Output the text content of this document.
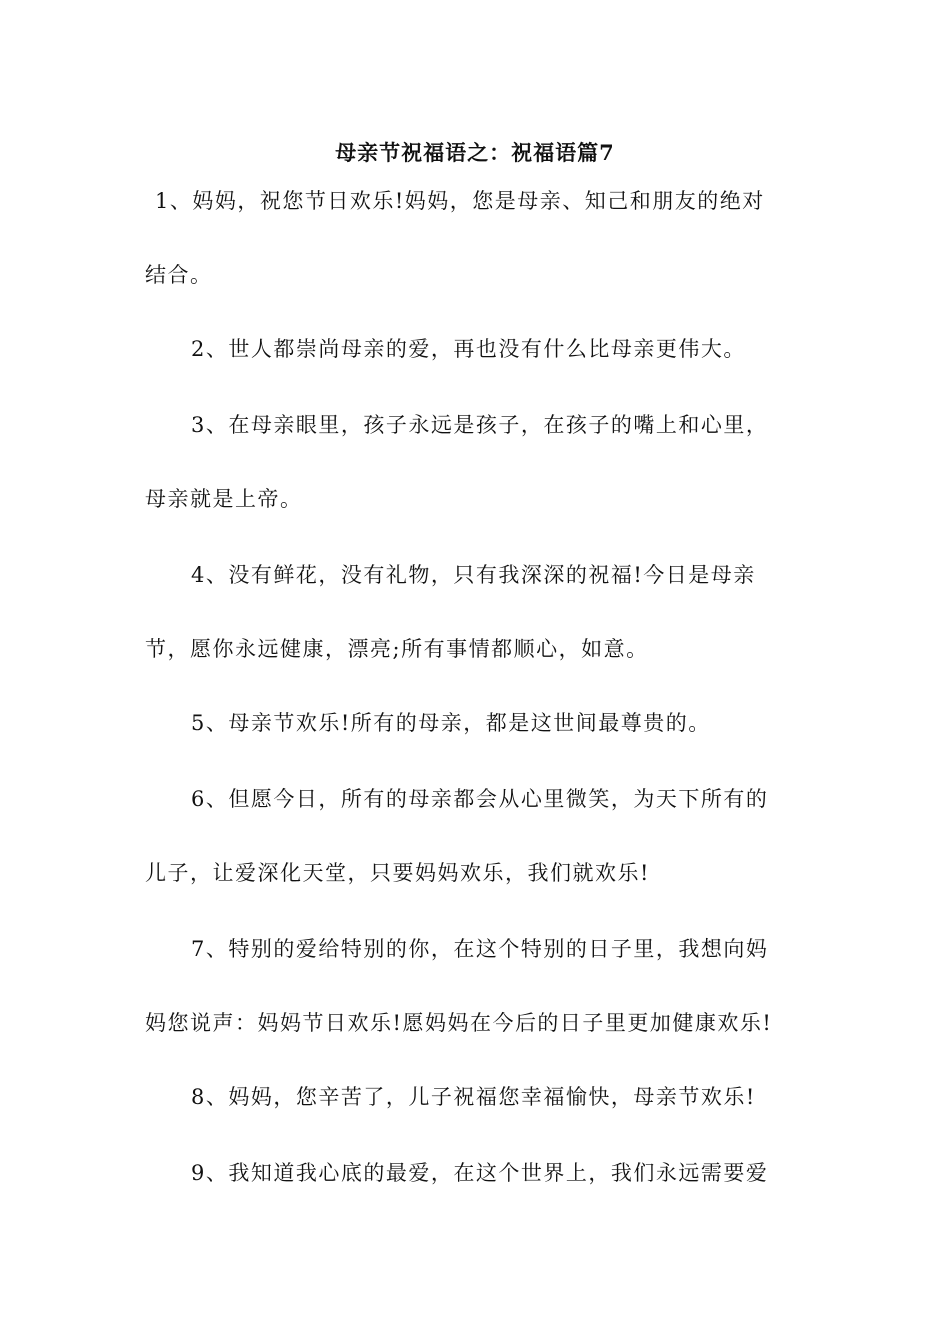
母亲节祝福语之：祝福语篇7
1、妈妈，祝您节日欢乐!妈妈，您是母亲、知己和朋友的绝对
结合。
2、世人都崇尚母亲的爱，再也没有什么比母亲更伟大。
3、在母亲眼里，孩子永远是孩子，在孩子的嘴上和心里，
母亲就是上帝。
4、没有鲜花，没有礼物，只有我深深的祝福!今日是母亲
节，愿你永远健康，漂亮;所有事情都顺心，如意。
5、母亲节欢乐!所有的母亲，都是这世间最尊贵的。
6、但愿今日，所有的母亲都会从心里微笑，为天下所有的
儿子，让爱深化天堂，只要妈妈欢乐，我们就欢乐!
7、特别的爱给特别的你，在这个特别的日子里，我想向妈
妈您说声：妈妈节日欢乐!愿妈妈在今后的日子里更加健康欢乐!
8、妈妈，您辛苦了，儿子祝福您幸福愉快，母亲节欢乐!
9、我知道我心底的最爱，在这个世界上，我们永远需要爱
